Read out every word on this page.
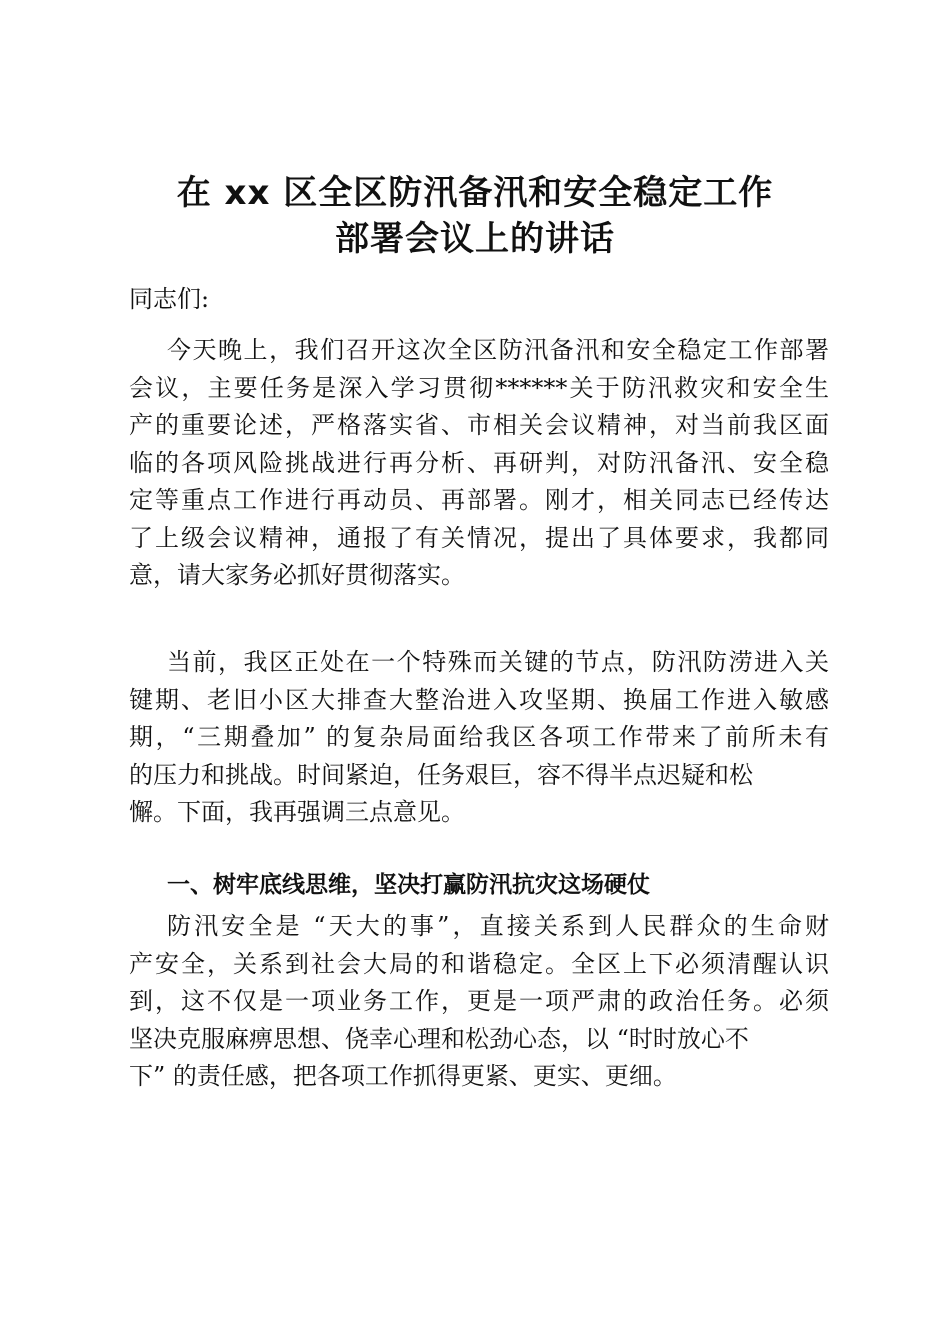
在 xx 区全区防汛备汛和安全稳定工作
部署会议上的讲话
同志们:
今天晚上，我们召开这次全区防汛备汛和安全稳定工作部署
会议，主要任务是深入学习贯彻******关于防汛救灾和安全生
产的重要论述，严格落实省、市相关会议精神，对当前我区面
临的各项风险挑战进行再分析、再研判，对防汛备汛、安全稳
定等重点工作进行再动员、再部署。刚才，相关同志已经传达
了上级会议精神，通报了有关情况，提出了具体要求，我都同
意，请大家务必抓好贯彻落实。
当前，我区正处在一个特殊而关键的节点，防汛防涝进入关
键期、老旧小区大排查大整治进入攻坚期、换届工作进入敏感
期，“三期叠加” 的复杂局面给我区各项工作带来了前所未有
的压力和挑战。时间紧迫，任务艰巨，容不得半点迟疑和松
懈。下面，我再强调三点意见。
一、树牢底线思维，坚决打赢防汛抗灾这场硬仗
防汛安全是 “天大的事”，直接关系到人民群众的生命财
产安全，关系到社会大局的和谐稳定。全区上下必须清醒认识
到，这不仅是一项业务工作，更是一项严肃的政治任务。必须
坚决克服麻痹思想、侥幸心理和松劲心态，以 “时时放心不
下” 的责任感，把各项工作抓得更紧、更实、更细。
